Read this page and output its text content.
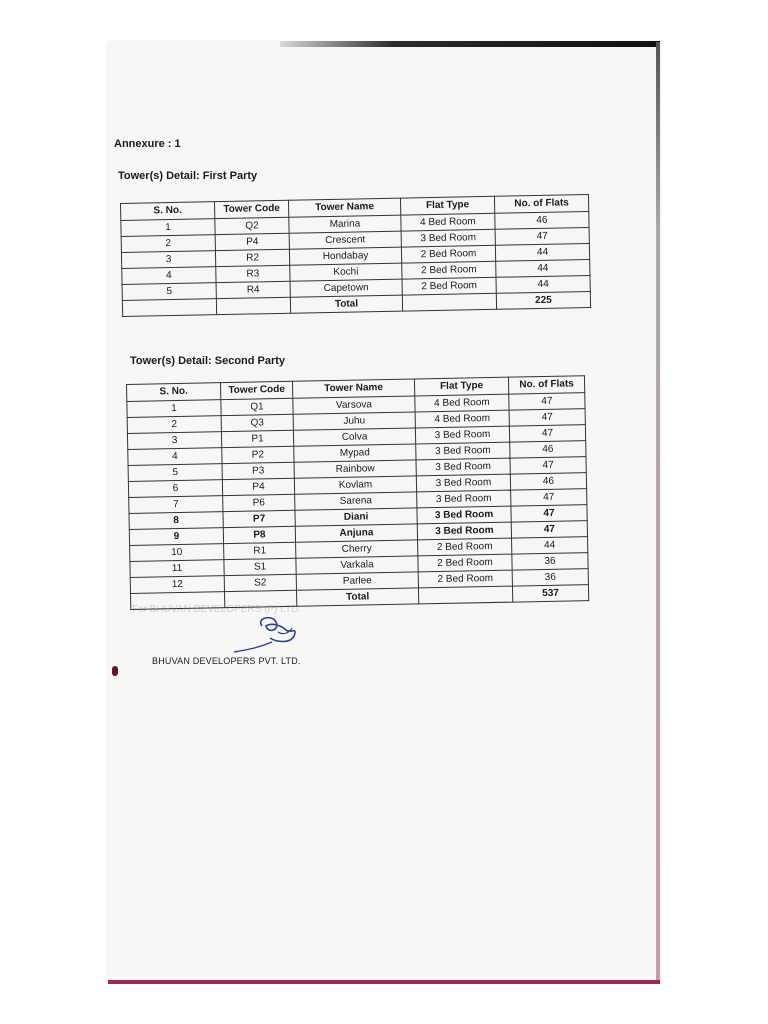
For BHUVAN DEVELOPERS (P) LTD.
Annexure : 1
Tower(s) Detail: First Party
S. No.	Tower Code	Tower Name	Flat Type	No. of Flats
1	Q2	Marina	4 Bed Room	46
2	P4	Crescent	3 Bed Room	47
3	R2	Hondabay	2 Bed Room	44
4	R3	Kochi	2 Bed Room	44
5	R4	Capetown	2 Bed Room	44
		Total		225
Tower(s) Detail: Second Party
S. No.	Tower Code	Tower Name	Flat Type	No. of Flats
1	Q1	Varsova	4 Bed Room	47
2	Q3	Juhu	4 Bed Room	47
3	P1	Colva	3 Bed Room	47
4	P2	Mypad	3 Bed Room	46
5	P3	Rainbow	3 Bed Room	47
6	P4	Kovlam	3 Bed Room	46
7	P6	Sarena	3 Bed Room	47
8	P7	Diani	3 Bed Room	47
9	P8	Anjuna	3 Bed Room	47
10	R1	Cherry	2 Bed Room	44
11	S1	Varkala	2 Bed Room	36
12	S2	Parlee	2 Bed Room	36
		Total		537
BHUVAN DEVELOPERS PVT. LTD.
